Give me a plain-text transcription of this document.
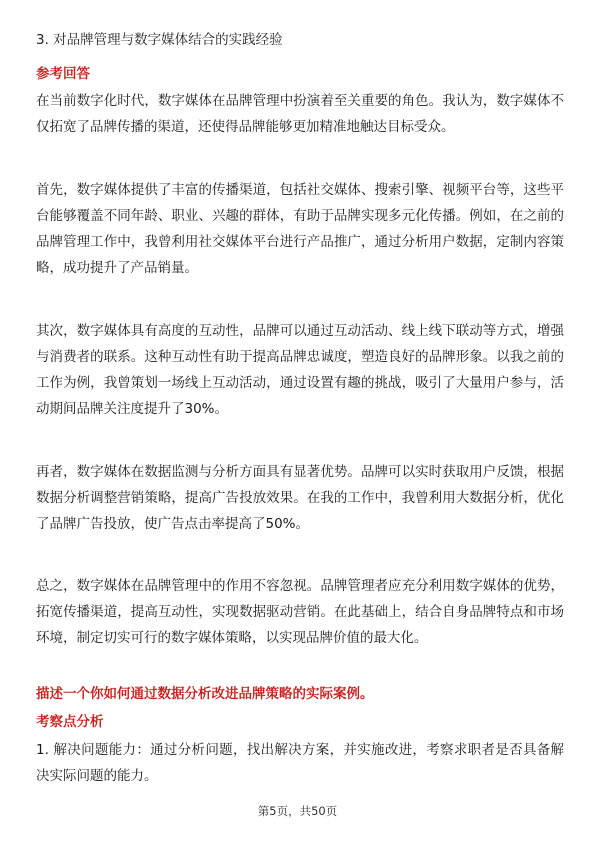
3. 对品牌管理与数字媒体结合的实践经验
参考回答

在当前数字化时代，数字媒体在品牌管理中扮演着至关重要的角色。我认为，数字媒体不仅拓宽了品牌传播的渠道，还使得品牌能够更加精准地触达目标受众。

首先，数字媒体提供了丰富的传播渠道，包括社交媒体、搜索引擎、视频平台等，这些平台能够覆盖不同年龄、职业、兴趣的群体，有助于品牌实现多元化传播。例如，在之前的品牌管理工作中，我曾利用社交媒体平台进行产品推广，通过分析用户数据，定制内容策略，成功提升了产品销量。

其次，数字媒体具有高度的互动性，品牌可以通过互动活动、线上线下联动等方式，增强与消费者的联系。这种互动性有助于提高品牌忠诚度，塑造良好的品牌形象。以我之前的工作为例，我曾策划一场线上互动活动，通过设置有趣的挑战，吸引了大量用户参与，活动期间品牌关注度提升了30%。

再者，数字媒体在数据监测与分析方面具有显著优势。品牌可以实时获取用户反馈，根据数据分析调整营销策略，提高广告投放效果。在我的工作中，我曾利用大数据分析，优化了品牌广告投放，使广告点击率提高了50%。

总之，数字媒体在品牌管理中的作用不容忽视。品牌管理者应充分利用数字媒体的优势，拓宽传播渠道，提高互动性，实现数据驱动营销。在此基础上，结合自身品牌特点和市场环境，制定切实可行的数字媒体策略，以实现品牌价值的最大化。

描述一个你如何通过数据分析改进品牌策略的实际案例。
考察点分析

1. 解决问题能力：通过分析问题，找出解决方案，并实施改进，考察求职者是否具备解决实际问题的能力。

第5页，共50页
